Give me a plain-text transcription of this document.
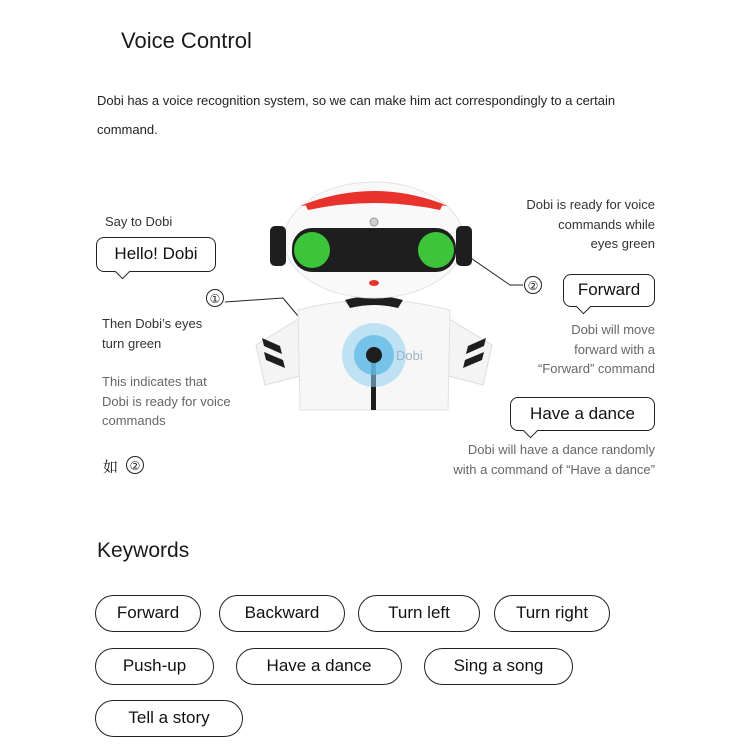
Voice Control
Dobi has a voice recognition system, so we can make him act correspondingly to a certain command.
Say to Dobi
Hello! Dobi
①
Then Dobi’s eyes
turn green
This indicates that
Dobi is ready for voice
commands
如 ②
Dobi is ready for voice
commands while
eyes green
②	Forward
Dobi will move
forward with a
“Forward” command
Have a dance
Dobi will have a dance randomly
with a command of “Have a dance”
Dobi
Keywords
Forward	Backward	Turn left	Turn right
Push-up	Have a dance	Sing a song
Tell a story
